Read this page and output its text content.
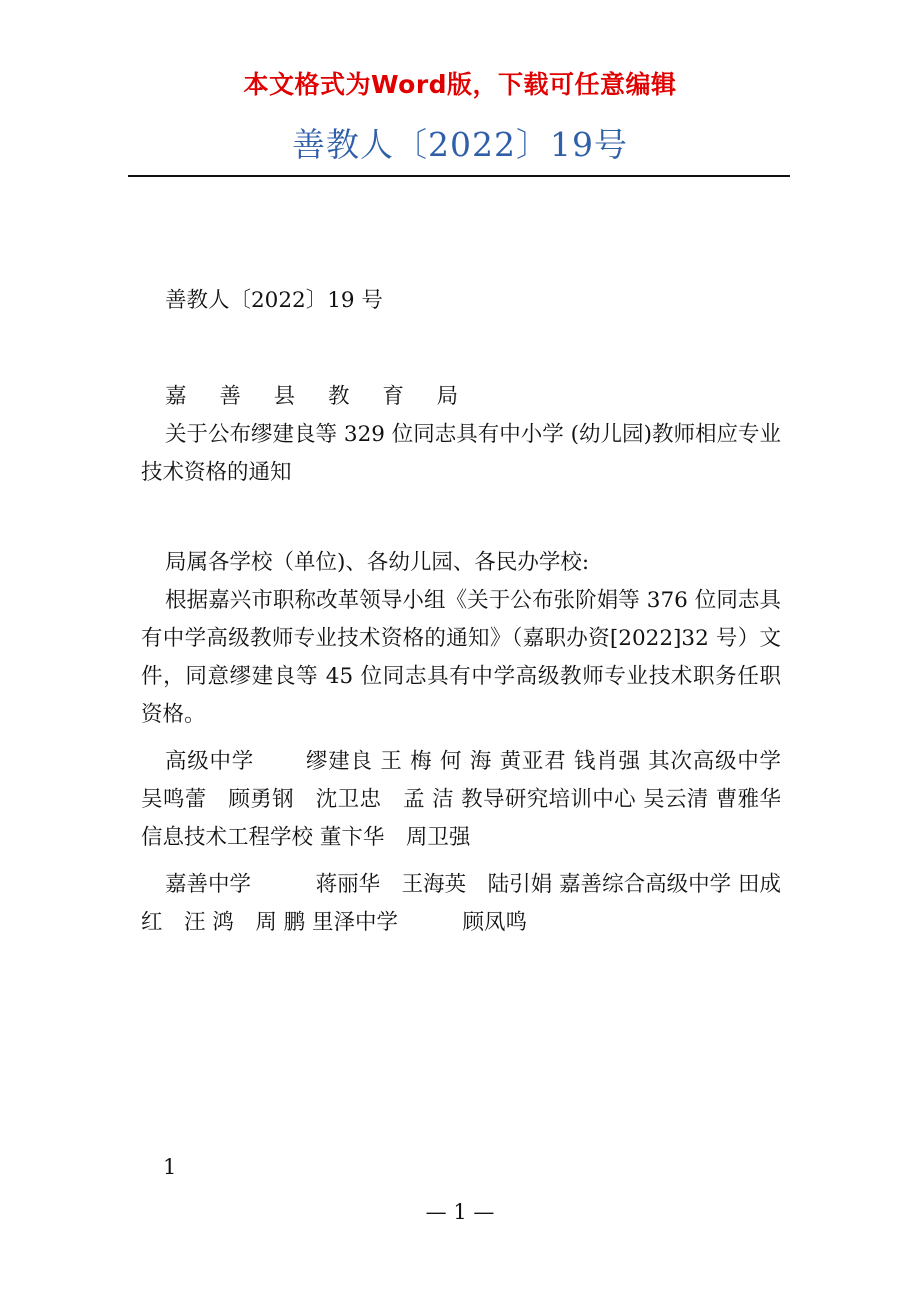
本文格式为Word版，下载可任意编辑
善教人〔2022〕19号

善教人〔2022〕19 号

嘉 善 县 教 育 局

关于公布缪建良等 329 位同志具有中小学 (幼儿园)教师相应专业技术资格的通知

局属各学校（单位)、各幼儿园、各民办学校:

根据嘉兴市职称改革领导小组《关于公布张阶娟等 376 位同志具有中学高级教师专业技术资格的通知》（嘉职办资[2022]32 号）文件，同意缪建良等 45 位同志具有中学高级教师专业技术职务任职资格。

高级中学　　 缪建良 王 梅 何 海 黄亚君 钱肖强 其次高级中学　 吴鸣蕾　顾勇钢　沈卫忠　孟 洁 教导研究培训中心 吴云清 曹雅华 信息技术工程学校 董卞华　周卫强

嘉善中学　　　蒋丽华　王海英　陆引娟 嘉善综合高级中学 田成红　汪 鸿　周 鹏 里泽中学　　　顾凤鸣

1
— 1 —
